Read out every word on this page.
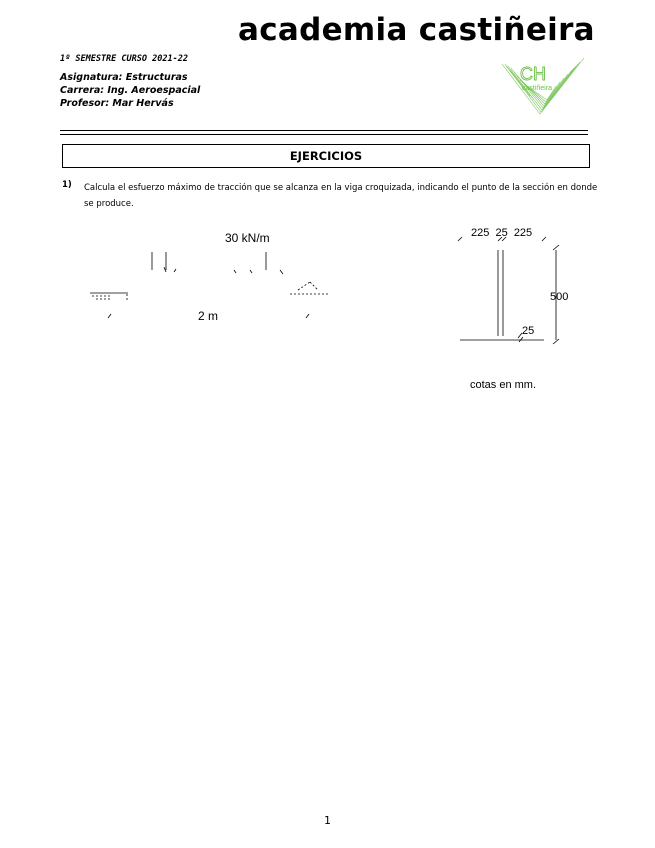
academia castiñeira
1º SEMESTRE CURSO 2021-22
Asignatura: Estructuras
Carrera: Ing. Aeroespacial
Profesor: Mar Hervás
CH
castiñeira
EJERCICIOS
1) Calcula el esfuerzo máximo de tracción que se alcanza en la viga croquizada, indicando el punto de la sección en donde se produce.
30 kN/m
2 m
225  25  225
500
25
cotas en mm.
1
